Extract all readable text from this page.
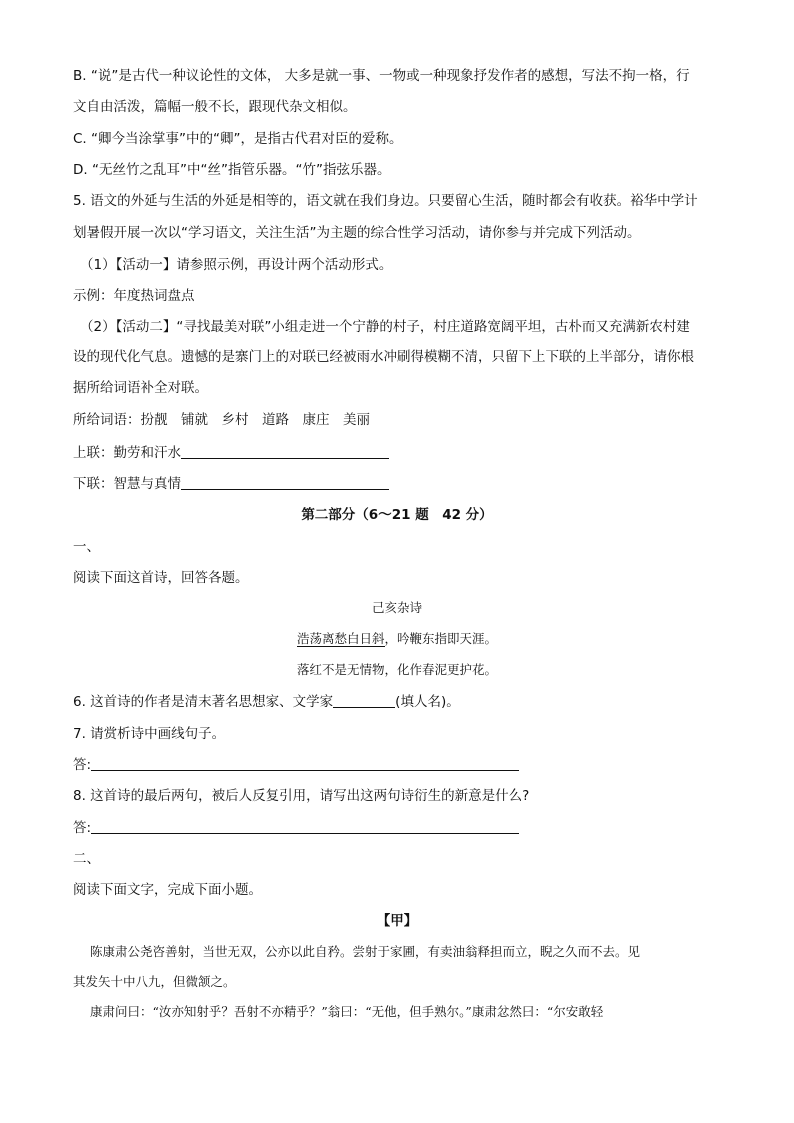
B. “说”是古代一种议论性的文体， 大多是就一事、一物或一种现象抒发作者的感想，写法不拘一格，行
文自由活泼，篇幅一般不长，跟现代杂文相似。
C. “卿今当涂掌事”中的“卿”，是指古代君对臣的爱称。
D. “无丝竹之乱耳”中“丝”指管乐器。“竹”指弦乐器。
5. 语文的外延与生活的外延是相等的，语文就在我们身边。只要留心生活，随时都会有收获。裕华中学计
划暑假开展一次以“学习语文，关注生活”为主题的综合性学习活动，请你参与并完成下列活动。
（1）【活动一】请参照示例，再设计两个活动形式。
示例：年度热词盘点
（2）【活动二】“寻找最美对联”小组走进一个宁静的村子，村庄道路宽阔平坦，古朴而又充满新农村建
设的现代化气息。遗憾的是寨门上的对联已经被雨水冲刷得模糊不清，只留下上下联的上半部分，请你根
据所给词语补全对联。
所给词语：扮靓　铺就　乡村　道路　康庄　美丽
上联：勤劳和汗水
下联：智慧与真情
第二部分（6～21 题　42 分）
一、
阅读下面这首诗，回答各题。
己亥杂诗
浩荡离愁白日斜，吟鞭东指即天涯。
落红不是无情物，化作春泥更护花。
6. 这首诗的作者是清末著名思想家、文学家	(填人名)。
7. 请赏析诗中画线句子。
答:
8. 这首诗的最后两句，被后人反复引用，请写出这两句诗衍生的新意是什么?
答:
二、
阅读下面文字，完成下面小题。
【甲】
陈康肃公尧咨善射，当世无双，公亦以此自矜。尝射于家圃，有卖油翁释担而立，睨之久而不去。见
其发矢十中八九，但微颔之。
康肃问曰：“汝亦知射乎？吾射不亦精乎？”翁曰：“无他，但手熟尔。”康肃忿然曰：“尔安敢轻
